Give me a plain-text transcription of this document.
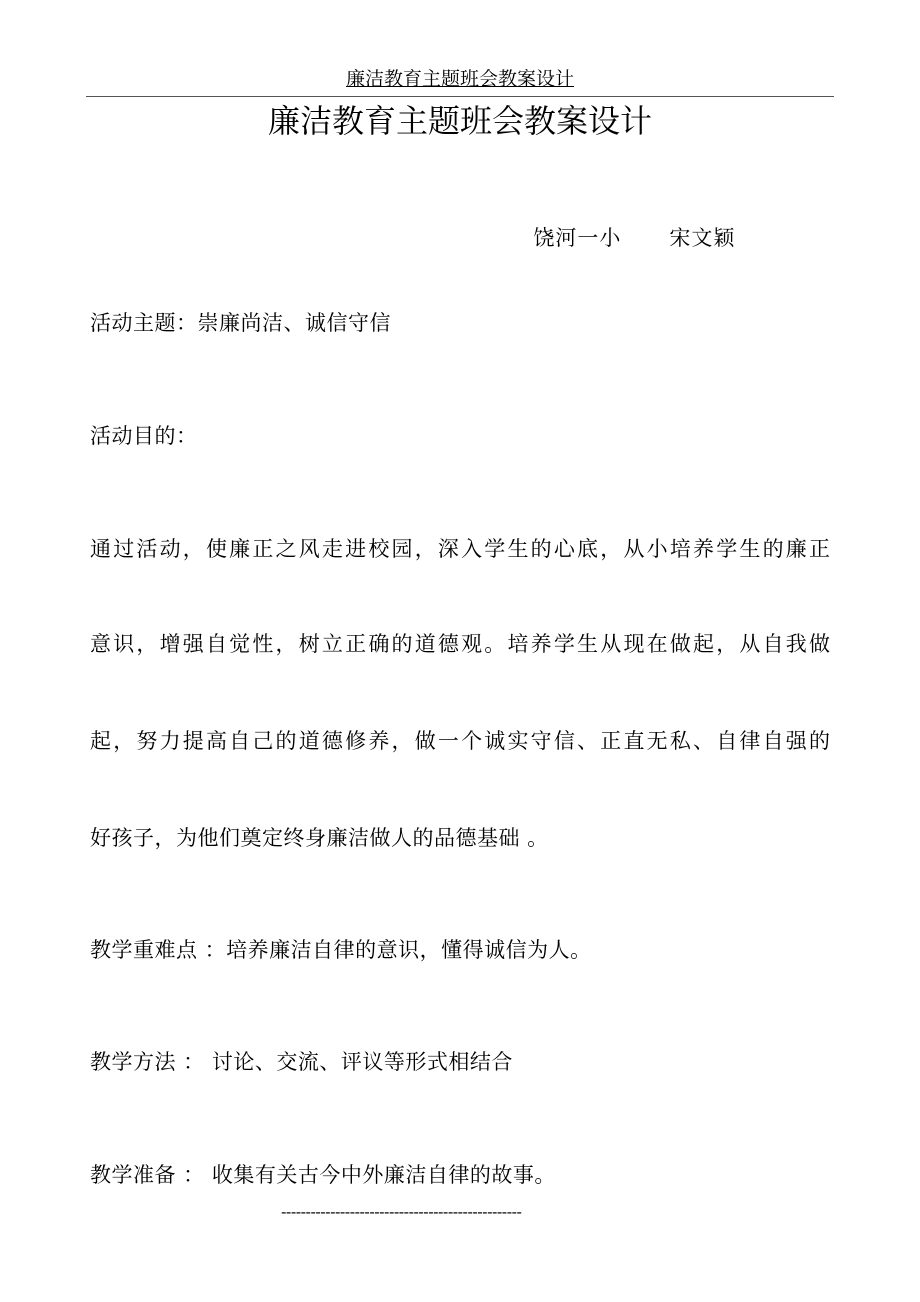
廉洁教育主题班会教案设计
廉洁教育主题班会教案设计

饶河一小 宋文颖

活动主题：崇廉尚洁、诚信守信
活动目的：
通过活动，使廉正之风走进校园，深入学生的心底，从小培养学生的廉正
意识，增强自觉性，树立正确的道德观。培养学生从现在做起，从自我做
起，努力提高自己的道德修养，做一个诚实守信、正直无私、自律自强的
好孩子，为他们奠定终身廉洁做人的品德基础 。
教学重难点 ：培养廉洁自律的意识，懂得诚信为人。
教学方法 ： 讨论、交流、评议等形式相结合
教学准备 ： 收集有关古今中外廉洁自律的故事。
-------------------------------------------------
